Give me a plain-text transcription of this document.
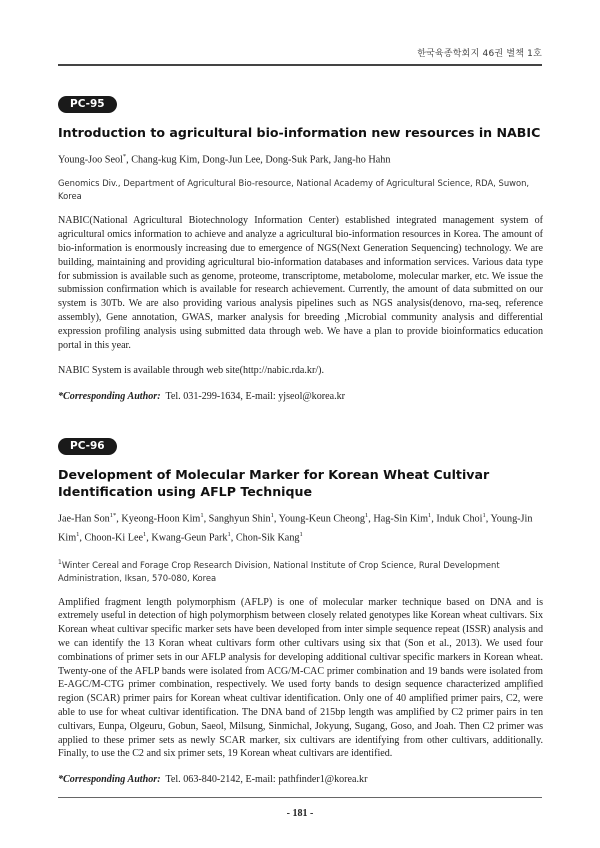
한국육종학회지 46권 별책 1호
PC-95
Introduction to agricultural bio-information new resources in NABIC
Young-Joo Seol*, Chang-kug Kim, Dong-Jun Lee, Dong-Suk Park, Jang-ho Hahn
Genomics Div., Department of Agricultural Bio-resource, National Academy of Agricultural Science, RDA, Suwon, Korea
NABIC(National Agricultural Biotechnology Information Center) established integrated management system of agricultural omics information to achieve and analyze a agricultural bio-information resources in Korea. The amount of bio-information is enormously increasing due to emergence of NGS(Next Generation Sequencing) technology. We are building, maintaining and providing agricultural bio-information databases and information services. Various data type for submission is available such as genome, proteome, transcriptome, metabolome, molecular marker, etc. We issue the submission confirmation which is available for research achievement. Currently, the amount of data submitted on our system is 30Tb. We are also providing various analysis pipelines such as NGS analysis(denovo, rna-seq, reference assembly), Gene annotation, GWAS, marker analysis for breeding ,Microbial community analysis and differential expression profiling analysis using submitted data through web. We have a plan to provide bioinformatics education portal in this year.
NABIC System is available through web site(http://nabic.rda.kr/).
*Corresponding Author: Tel. 031-299-1634, E-mail: yjseol@korea.kr
PC-96
Development of Molecular Marker for Korean Wheat Cultivar Identification using AFLP Technique
Jae-Han Son$^{1*}$, Kyeong-Hoon Kim$^1$, Sanghyun Shin$^1$, Young-Keun Cheong$^1$, Hag-Sin Kim$^1$, Induk Choi$^1$, Young-Jin Kim$^1$, Choon-Ki Lee$^1$, Kwang-Geun Park$^1$, Chon-Sik Kang$^1$
$^1$Winter Cereal and Forage Crop Research Division, National Institute of Crop Science, Rural Development Administration, Iksan, 570-080, Korea
Amplified fragment length polymorphism (AFLP) is one of molecular marker technique based on DNA and is extremely useful in detection of high polymorphism between closely related genotypes like Korean wheat cultivars. Six Korean wheat cultivar specific marker sets have been developed from inter simple sequence repeat (ISSR) analysis and we can identify the 13 Koran wheat cultivars form other cultivars using six that (Son et al., 2013). We used four combinations of primer sets in our AFLP analysis for developing additional cultivar specific markers in Korean wheat. Twenty-one of the AFLP bands were isolated from ACG/M-CAC primer combination and 19 bands were isolated from E-AGC/M-CTG primer combination, respectively. We used forty bands to design sequence characterized amplified region (SCAR) primer pairs for Korean wheat cultivar identification. Only one of 40 amplified primer pairs, C2, were able to use for wheat cultivar identification. The DNA band of 215bp length was amplified by C2 primer pairs in ten cultivars, Eunpa, Olgeuru, Gobun, Saeol, Milsung, Sinmichal, Jokyung, Sugang, Goso, and Joah. Then C2 primer was applied to these primer sets as newly SCAR marker, six cultivars are identifying from other cultivars, additionally. Finally, to use the C2 and six primer sets, 19 Korean wheat cultivars are identified.
*Corresponding Author: Tel. 063-840-2142, E-mail: pathfinder1@korea.kr
- 181 -
